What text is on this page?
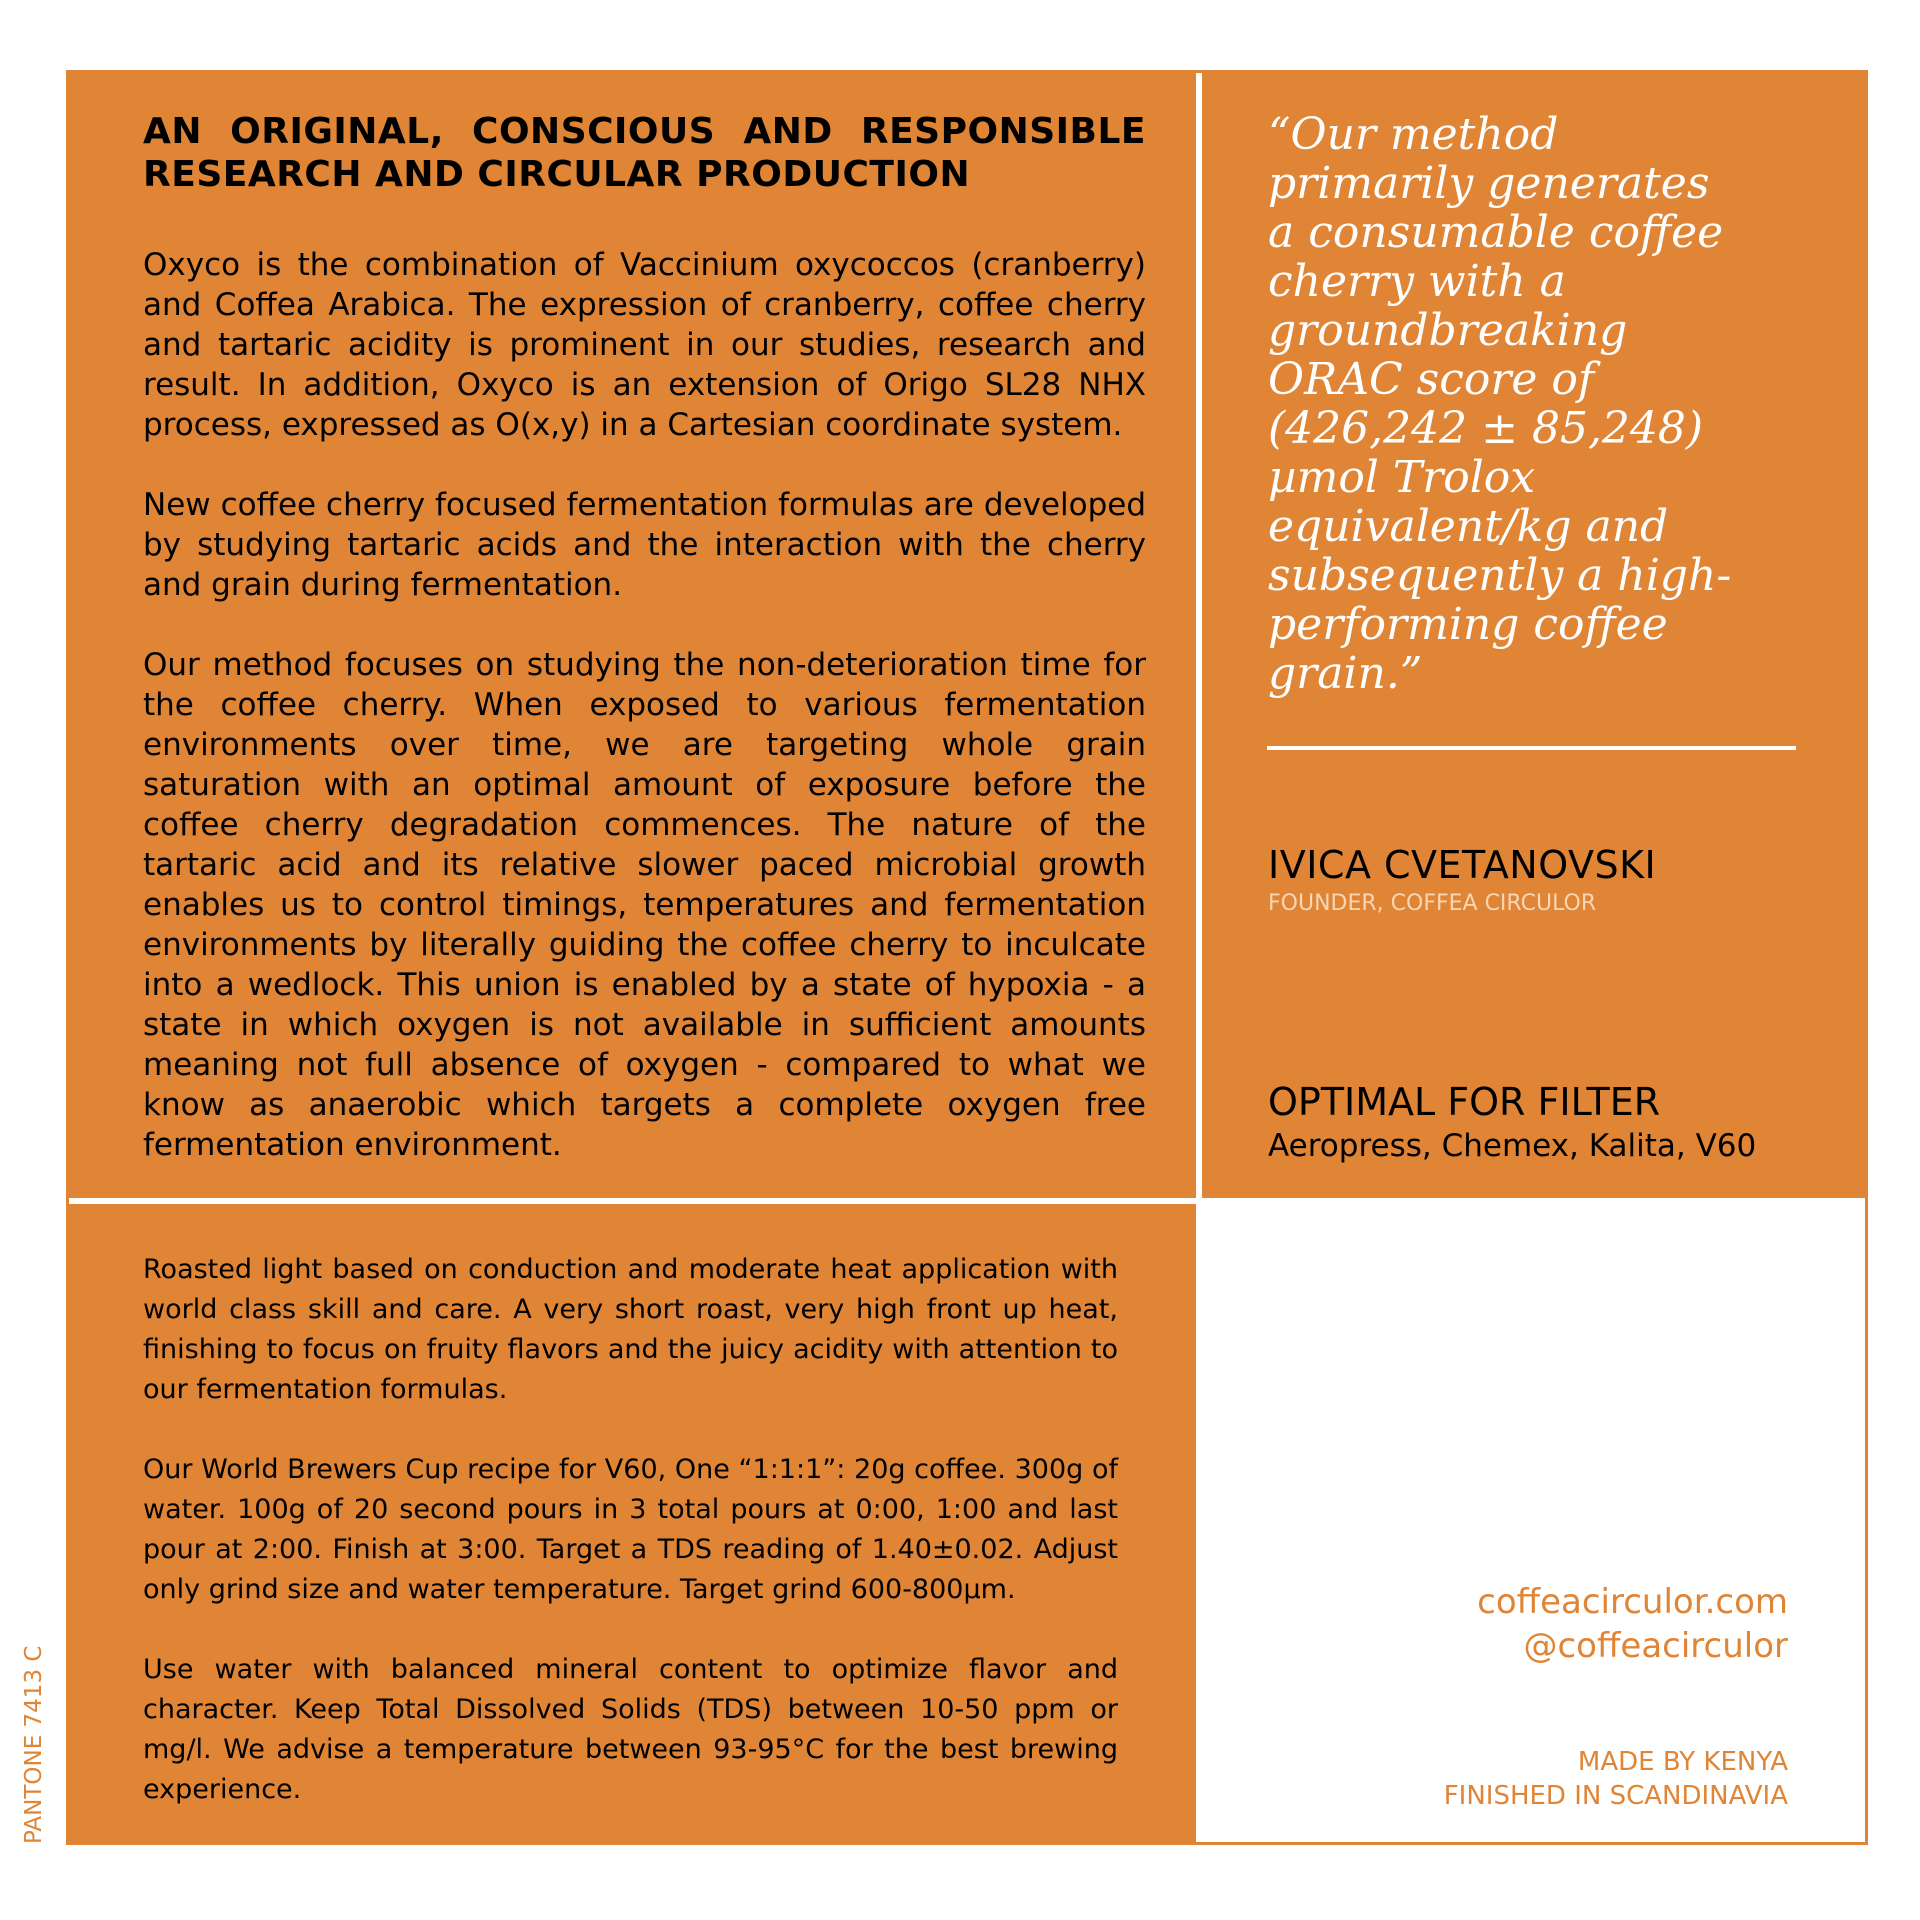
AN ORIGINAL, CONSCIOUS AND RESPONSIBLE RESEARCH AND CIRCULAR PRODUCTION

Oxyco is the combination of Vaccinium oxycoccos (cranberry) and Coffea Arabica. The expression of cranberry, coffee cherry and tartaric acidity is prominent in our studies, research and result. In addition, Oxyco is an extension of Origo SL28 NHX process, expressed as O(x,y) in a Cartesian coordinate system.

New coffee cherry focused fermentation formulas are developed by studying tartaric acids and the interaction with the cherry and grain during fermentation.

Our method focuses on studying the non-deterioration time for the coffee cherry. When exposed to various fermentation environments over time, we are targeting whole grain saturation with an optimal amount of exposure before the coffee cherry degradation commences. The nature of the tartaric acid and its relative slower paced microbial growth enables us to control timings, temperatures and fermentation environments by literally guiding the coffee cherry to inculcate into a wedlock. This union is enabled by a state of hypoxia - a state in which oxygen is not available in sufficient amounts meaning not full absence of oxygen - compared to what we know as anaerobic which targets a complete oxygen free fermentation environment.

“Our method primarily generates a consumable coffee cherry with a groundbreaking ORAC score of (426,242 ± 85,248) µmol Trolox equivalent/kg and subsequently a high-performing coffee grain.”

IVICA CVETANOVSKI
FOUNDER, COFFEA CIRCULOR
OPTIMAL FOR FILTER
Aeropress, Chemex, Kalita, V60

Roasted light based on conduction and moderate heat application with world class skill and care. A very short roast, very high front up heat, finishing to focus on fruity flavors and the juicy acidity with attention to our fermentation formulas.

Our World Brewers Cup recipe for V60, One “1:1:1”: 20g coffee. 300g of water. 100g of 20 second pours in 3 total pours at 0:00, 1:00 and last pour at 2:00. Finish at 3:00. Target a TDS reading of 1.40±0.02. Adjust only grind size and water temperature. Target grind 600-800µm.

Use water with balanced mineral content to optimize flavor and character. Keep Total Dissolved Solids (TDS) between 10-50 ppm or mg/l. We advise a temperature between 93-95°C for the best brewing experience.

coffeacirculor.com
@coffeacirculor
MADE BY KENYA
FINISHED IN SCANDINAVIA
PANTONE 7413 C
